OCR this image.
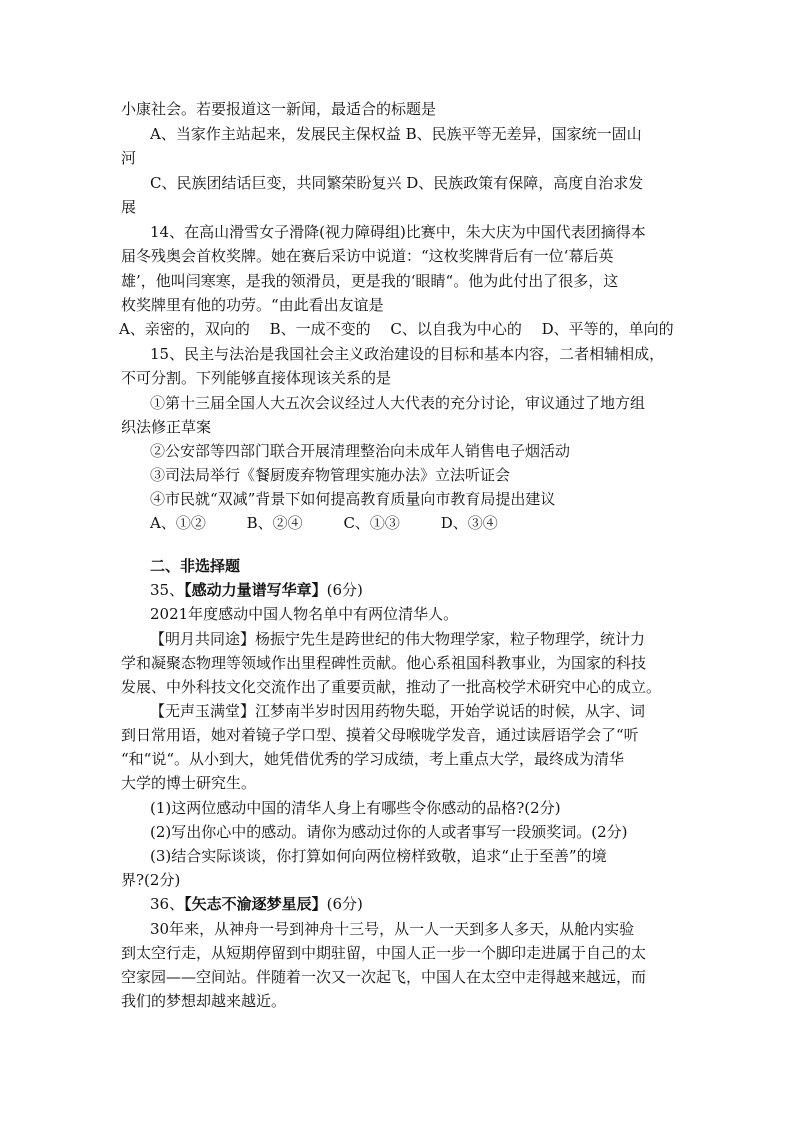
小康社会。若要报道这一新闻，最适合的标题是
A、当家作主站起来，发展民主保权益 B、民族平等无差异，国家统一固山
河
C、民族团结话巨变，共同繁荣盼复兴 D、民族政策有保障，高度自治求发
展
14、在高山滑雪女子滑降(视力障碍组)比赛中，朱大庆为中国代表团摘得本
届冬残奥会首枚奖牌。她在赛后采访中说道：“这枚奖牌背后有一位‘幕后英
雄’，他叫闫寒寒，是我的领滑员，更是我的‘眼睛“。他为此付出了很多，这
枚奖牌里有他的功劳。“由此看出友谊是
A、亲密的，双向的　 B、一成不变的　 C、以自我为中心的　 D、平等的，单向的
15、民主与法治是我国社会主义政治建设的目标和基本内容，二者相辅相成，
不可分割。下列能够直接体现该关系的是
①第十三届全国人大五次会议经过人大代表的充分讨论，审议通过了地方组
织法修正草案
②公安部等四部门联合开展清理整治向未成年人销售电子烟活动
③司法局举行《餐厨废弃物管理实施办法》立法听证会
④市民就“双减”背景下如何提高教育质量向市教育局提出建议
A、①②	B、②④	C、①③	D、③④
二、非选择题
35、【感动力量谱写华章】(6分)
2021年度感动中国人物名单中有两位清华人。
【明月共同途】杨振宁先生是跨世纪的伟大物理学家，粒子物理学，统计力
学和凝聚态物理等领域作出里程碑性贡献。他心系祖国科教事业，为国家的科技
发展、中外科技文化交流作出了重要贡献，推动了一批高校学术研究中心的成立。
【无声玉满堂】江梦南半岁时因用药物失聪，开始学说话的时候，从字、词
到日常用语，她对着镜子学口型、摸着父母喉咙学发音，通过读唇语学会了“听
“和“说“。从小到大，她凭借优秀的学习成绩，考上重点大学，最终成为清华
大学的博士研究生。
(1)这两位感动中国的清华人身上有哪些令你感动的品格?(2分)
(2)写出你心中的感动。请你为感动过你的人或者事写一段颁奖词。(2分)
(3)结合实际谈谈，你打算如何向两位榜样致敬，追求“止于至善”的境
界?(2分)
36、【矢志不渝逐梦星辰】(6分)
30年来，从神舟一号到神舟十三号，从一人一天到多人多天，从舱内实验
到太空行走，从短期停留到中期驻留，中国人正一步一个脚印走进属于自己的太
空家园——空间站。伴随着一次又一次起飞，中国人在太空中走得越来越远，而
我们的梦想却越来越近。
